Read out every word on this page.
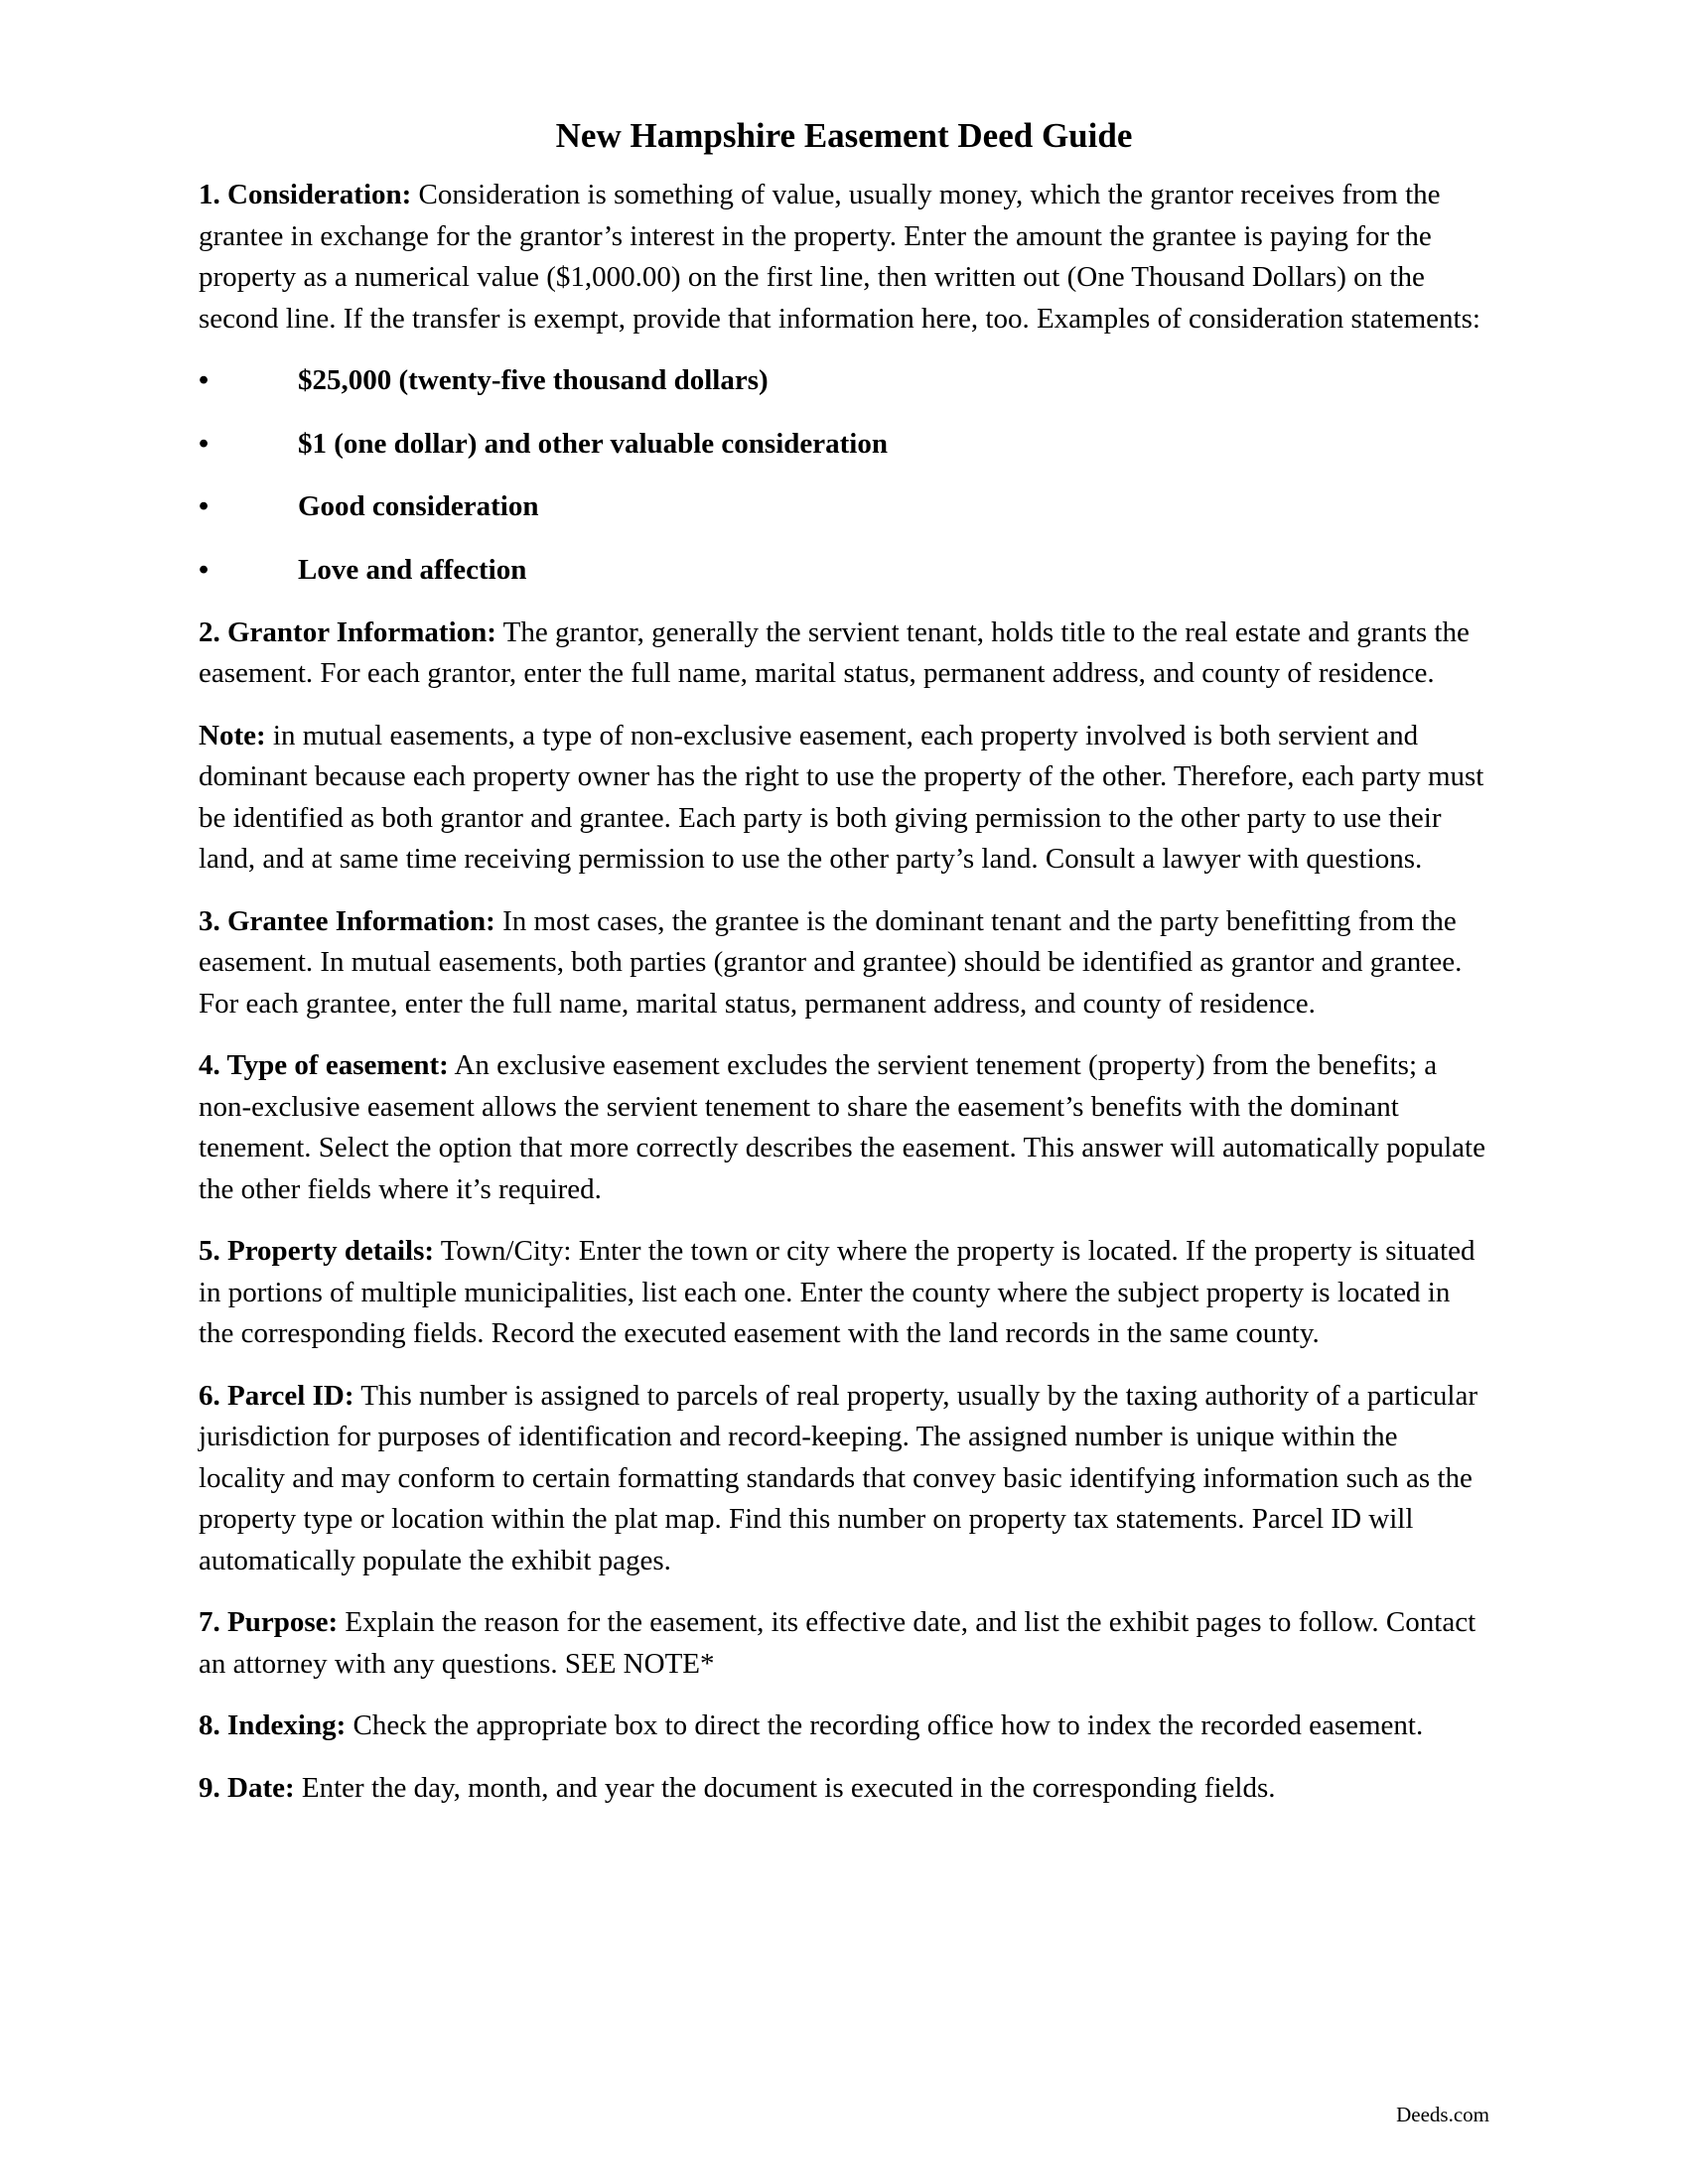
New Hampshire Easement Deed Guide

1. Consideration: Consideration is something of value, usually money, which the grantor receives from the grantee in exchange for the grantor’s interest in the property. Enter the amount the grantee is paying for the property as a numerical value ($1,000.00) on the first line, then written out (One Thousand Dollars) on the second line. If the transfer is exempt, provide that information here, too. Examples of consideration statements:

•	$25,000 (twenty-five thousand dollars)
•	$1 (one dollar) and other valuable consideration
•	Good consideration
•	Love and affection

2. Grantor Information: The grantor, generally the servient tenant, holds title to the real estate and grants the easement. For each grantor, enter the full name, marital status, permanent address, and county of residence.

Note: in mutual easements, a type of non-exclusive easement, each property involved is both servient and dominant because each property owner has the right to use the property of the other. Therefore, each party must be identified as both grantor and grantee. Each party is both giving permission to the other party to use their land, and at same time receiving permission to use the other party’s land. Consult a lawyer with questions.

3. Grantee Information: In most cases, the grantee is the dominant tenant and the party benefitting from the easement. In mutual easements, both parties (grantor and grantee) should be identified as grantor and grantee. For each grantee, enter the full name, marital status, permanent address, and county of residence.

4. Type of easement: An exclusive easement excludes the servient tenement (property) from the benefits; a non-exclusive easement allows the servient tenement to share the easement’s benefits with the dominant tenement. Select the option that more correctly describes the easement. This answer will automatically populate the other fields where it’s required.

5. Property details: Town/City: Enter the town or city where the property is located. If the property is situated in portions of multiple municipalities, list each one. Enter the county where the subject property is located in the corresponding fields. Record the executed easement with the land records in the same county.

6. Parcel ID: This number is assigned to parcels of real property, usually by the taxing authority of a particular jurisdiction for purposes of identification and record-keeping. The assigned number is unique within the locality and may conform to certain formatting standards that convey basic identifying information such as the property type or location within the plat map. Find this number on property tax statements. Parcel ID will automatically populate the exhibit pages.

7. Purpose: Explain the reason for the easement, its effective date, and list the exhibit pages to follow. Contact an attorney with any questions. SEE NOTE*

8. Indexing: Check the appropriate box to direct the recording office how to index the recorded easement.

9. Date: Enter the day, month, and year the document is executed in the corresponding fields.

Deeds.com
